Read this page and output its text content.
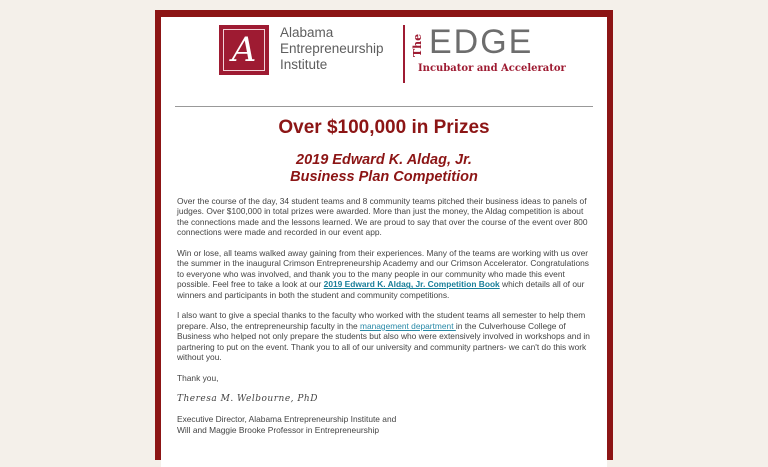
A	Alabama
Entrepreneurship
Institute
The EDGE
Incubator and Accelerator
Over $100,000 in Prizes
2019 Edward K. Aldag, Jr.
Business Plan Competition

Over the course of the day, 34 student teams and 8 community teams pitched their business ideas to panels of judges. Over $100,000 in total prizes were awarded. More than just the money, the Aldag competition is about the connections made and the lessons learned. We are proud to say that over the course of the event over 800 connections were made and recorded in our event app.

Win or lose, all teams walked away gaining from their experiences. Many of the teams are working with us over the summer in the inaugural Crimson Entrepreneurship Academy and our Crimson Accelerator. Congratulations to everyone who was involved, and thank you to the many people in our community who made this event possible. Feel free to take a look at our 2019 Edward K. Aldag, Jr. Competition Book which details all of our winners and participants in both the student and community competitions.

I also want to give a special thanks to the faculty who worked with the student teams all semester to help them prepare. Also, the entrepreneurship faculty in the management department in the Culverhouse College of Business who helped not only prepare the students but also who were extensively involved in workshops and in partnering to put on the event. Thank you to all of our university and community partners- we can't do this work without you.

Thank you,

Theresa M. Welbourne, PhD

Executive Director, Alabama Entrepreneurship Institute and
Will and Maggie Brooke Professor in Entrepreneurship
